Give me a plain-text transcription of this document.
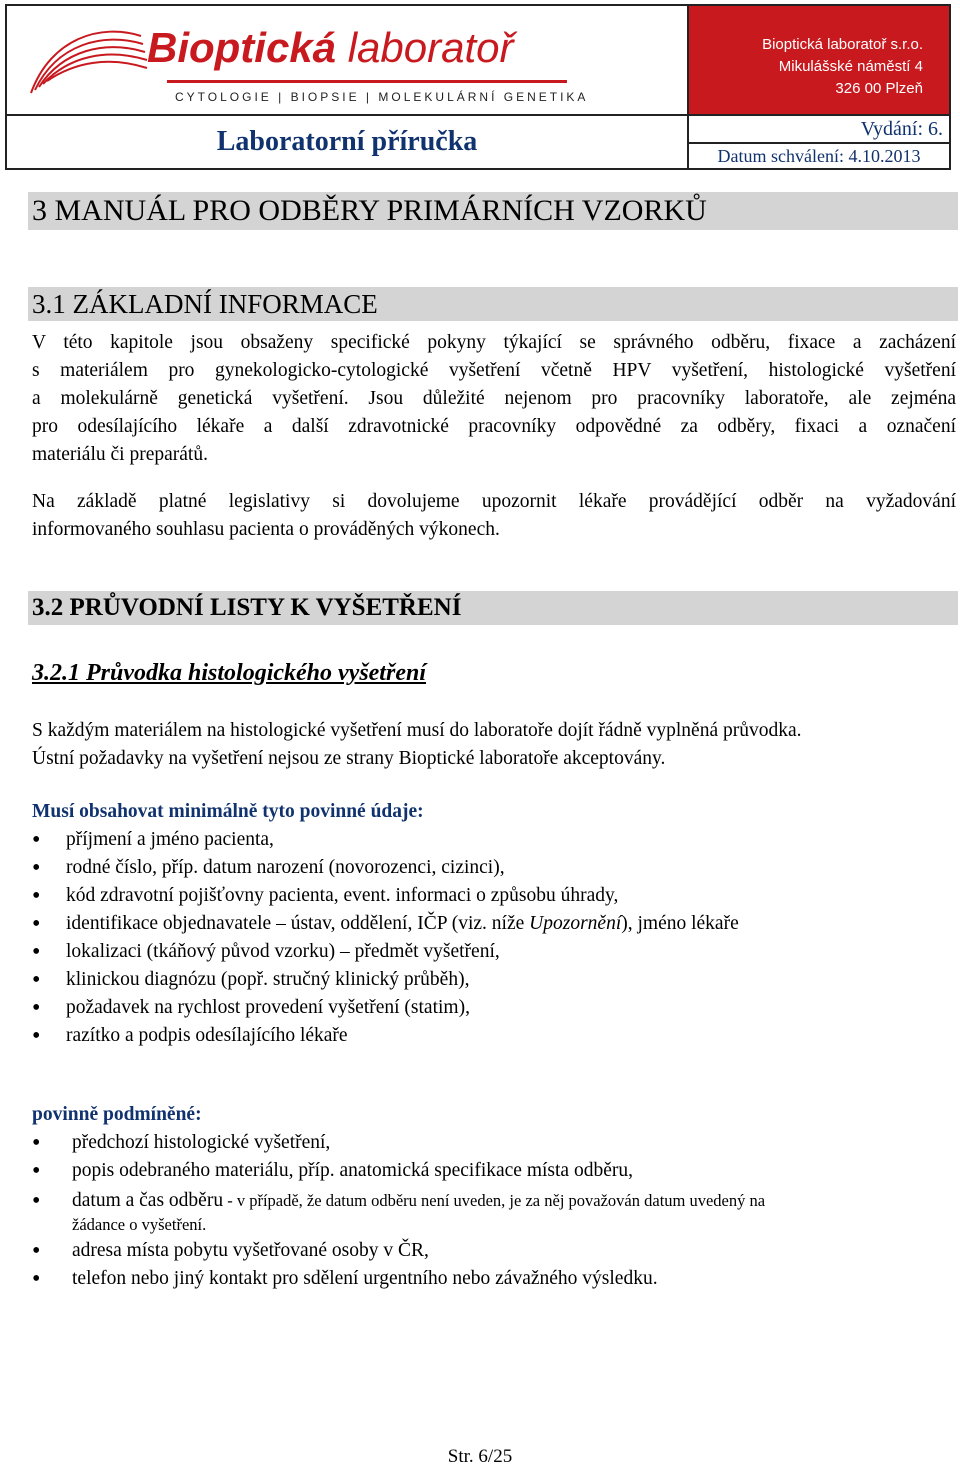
Bioptická laboratoř
CYTOLOGIE | BIOPSIE | MOLEKULÁRNÍ GENETIKA
Bioptická laboratoř s.r.o.
Mikulášské náměstí 4
326 00 Plzeň
Laboratorní příručka	Vydání: 6.
Datum schválení: 4.10.2013
3 MANUÁL PRO ODBĚRY PRIMÁRNÍCH VZORKŮ
3.1 ZÁKLADNÍ INFORMACE
V této kapitole jsou obsaženy specifické pokyny týkající se správného odběru, fixace a zacházení
s materiálem pro gynekologicko-cytologické vyšetření včetně HPV vyšetření, histologické vyšetření
a molekulárně genetická vyšetření. Jsou důležité nejenom pro pracovníky laboratoře, ale zejména
pro odesílajícího lékaře a další zdravotnické pracovníky odpovědné za odběry, fixaci a označení
materiálu či preparátů.
Na základě platné legislativy si dovolujeme upozornit lékaře provádějící odběr na vyžadování
informovaného souhlasu pacienta o prováděných výkonech.
3.2 PRŮVODNÍ LISTY K VYŠETŘENÍ
3.2.1 Průvodka histologického vyšetření
S každým materiálem na histologické vyšetření musí do laboratoře dojít řádně vyplněná průvodka.
Ústní požadavky na vyšetření nejsou ze strany Bioptické laboratoře akceptovány.
Musí obsahovat minimálně tyto povinné údaje:
• příjmení a jméno pacienta,
• rodné číslo, příp. datum narození (novorozenci, cizinci),
• kód zdravotní pojišťovny pacienta, event. informaci o způsobu úhrady,
• identifikace objednavatele – ústav, oddělení, IČP (viz. níže Upozornění), jméno lékaře
• lokalizaci (tkáňový původ vzorku) – předmět vyšetření,
• klinickou diagnózu (popř. stručný klinický průběh),
• požadavek na rychlost provedení vyšetření (statim),
• razítko a podpis odesílajícího lékaře
povinně podmíněné:
• předchozí histologické vyšetření,
• popis odebraného materiálu, příp. anatomická specifikace místa odběru,
• datum a čas odběru - v případě, že datum odběru není uveden, je za něj považován datum uvedený na
žádance o vyšetření.
• adresa místa pobytu vyšetřované osoby v ČR,
• telefon nebo jiný kontakt pro sdělení urgentního nebo závažného výsledku.
Str. 6/25
